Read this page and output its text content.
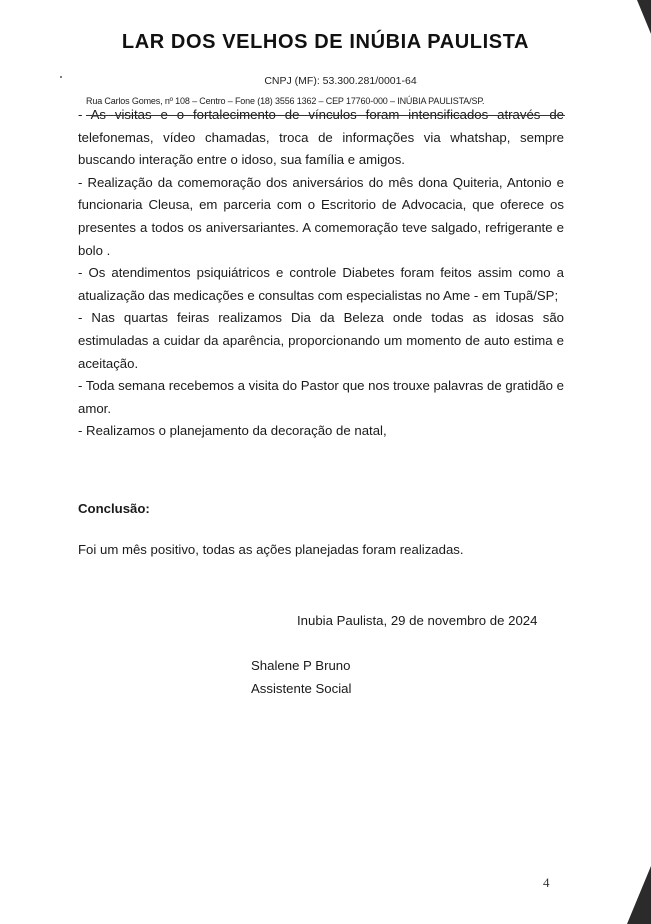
LAR DOS VELHOS DE INÚBIA PAULISTA
CNPJ (MF): 53.300.281/0001-64

- As visitas e o fortalecimento de vínculos foram intensificados através de telefonemas, vídeo chamadas, troca de informações via whatshap, sempre buscando interação entre o idoso, sua família e amigos.

- Realização da comemoração dos aniversários do mês dona Quiteria, Antonio e funcionaria Cleusa, em parceria com o Escritorio de Advocacia, que oferece os presentes a todos os aniversariantes. A comemoração teve salgado, refrigerante e bolo .

- Os atendimentos psiquiátricos e controle Diabetes foram feitos assim como a atualização das medicações e consultas com especialistas no Ame - em Tupã/SP;

- Nas quartas feiras realizamos Dia da Beleza onde todas as idosas são estimuladas a cuidar da aparência, proporcionando um momento de auto estima e aceitação.

- Toda semana recebemos a visita do Pastor que nos trouxe palavras de gratidão e amor.

- Realizamos o planejamento da decoração de natal,

Rua Carlos Gomes, nº 108 – Centro – Fone (18) 3556 1362 – CEP 17760-000 – INÚBIA PAULISTA/SP.
Conclusão:
Foi um mês positivo, todas as ações planejadas foram realizadas.
Inubia Paulista, 29 de novembro de 2024
Shalene P Bruno
Assistente Social
4
